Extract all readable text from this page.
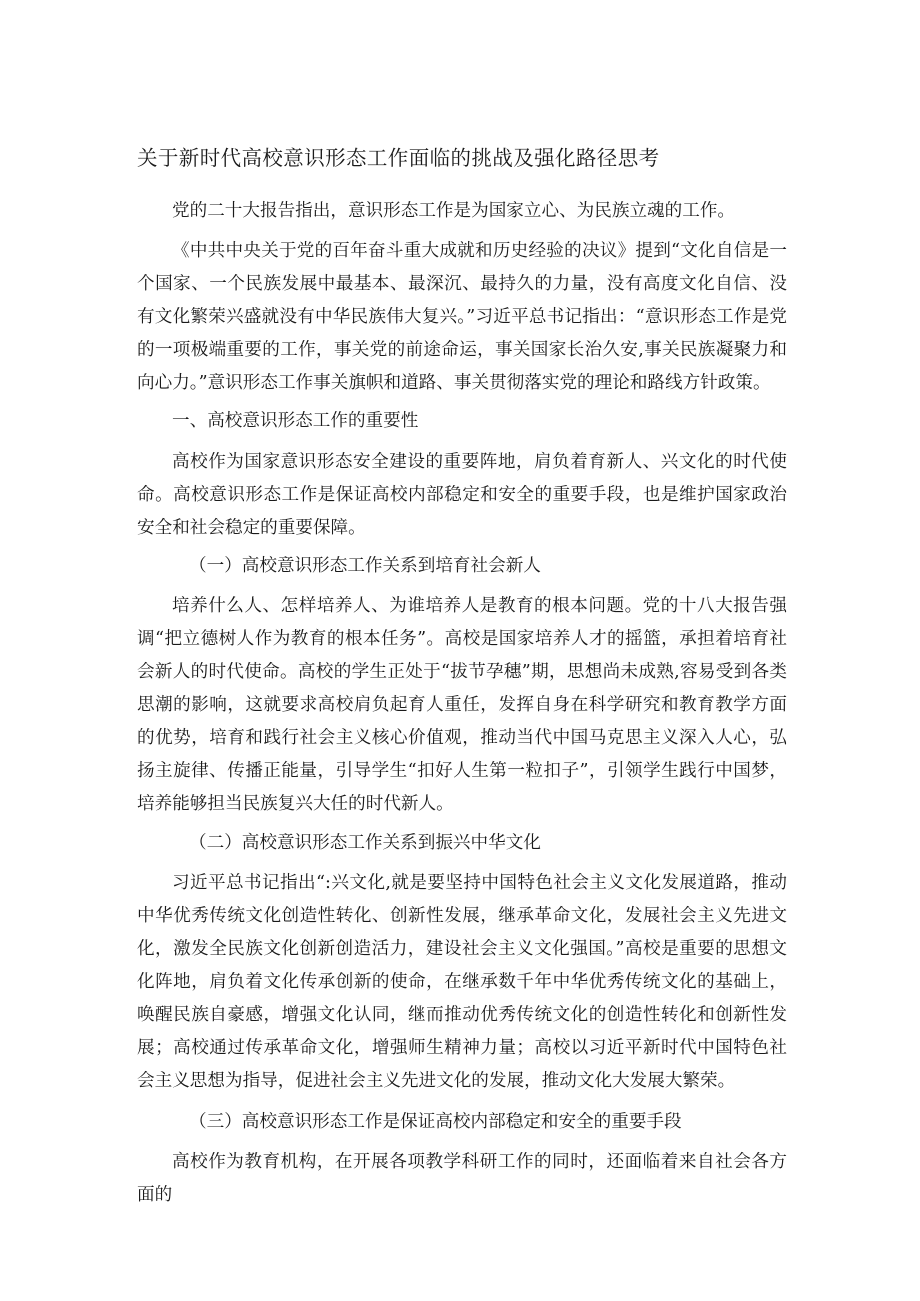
关于新时代高校意识形态工作面临的挑战及强化路径思考

党的二十大报告指出，意识形态工作是为国家立心、为民族立魂的工作。

《中共中央关于党的百年奋斗重大成就和历史经验的决议》提到“文化自信是一个国家、一个民族发展中最基本、最深沉、最持久的力量，没有高度文化自信、没有文化繁荣兴盛就没有中华民族伟大复兴。”习近平总书记指出：“意识形态工作是党的一项极端重要的工作，事关党的前途命运，事关国家长治久安,事关民族凝聚力和向心力。”意识形态工作事关旗帜和道路、事关贯彻落实党的理论和路线方针政策。

一、高校意识形态工作的重要性

高校作为国家意识形态安全建设的重要阵地，肩负着育新人、兴文化的时代使命。高校意识形态工作是保证高校内部稳定和安全的重要手段，也是维护国家政治安全和社会稳定的重要保障。

（一）高校意识形态工作关系到培育社会新人

培养什么人、怎样培养人、为谁培养人是教育的根本问题。党的十八大报告强调“把立德树人作为教育的根本任务”。高校是国家培养人才的摇篮，承担着培育社会新人的时代使命。高校的学生正处于“拔节孕穗”期，思想尚未成熟,容易受到各类思潮的影响，这就要求高校肩负起育人重任，发挥自身在科学研究和教育教学方面的优势，培育和践行社会主义核心价值观，推动当代中国马克思主义深入人心，弘扬主旋律、传播正能量，引导学生“扣好人生第一粒扣子”，引领学生践行中国梦，培养能够担当民族复兴大任的时代新人。

（二）高校意识形态工作关系到振兴中华文化

习近平总书记指出“:兴文化,就是要坚持中国特色社会主义文化发展道路，推动中华优秀传统文化创造性转化、创新性发展，继承革命文化，发展社会主义先进文化，激发全民族文化创新创造活力，建设社会主义文化强国。”高校是重要的思想文化阵地，肩负着文化传承创新的使命，在继承数千年中华优秀传统文化的基础上，唤醒民族自豪感，增强文化认同，继而推动优秀传统文化的创造性转化和创新性发展；高校通过传承革命文化，增强师生精神力量；高校以习近平新时代中国特色社会主义思想为指导，促进社会主义先进文化的发展，推动文化大发展大繁荣。

（三）高校意识形态工作是保证高校内部稳定和安全的重要手段

高校作为教育机构，在开展各项教学科研工作的同时，还面临着来自社会各方面的
